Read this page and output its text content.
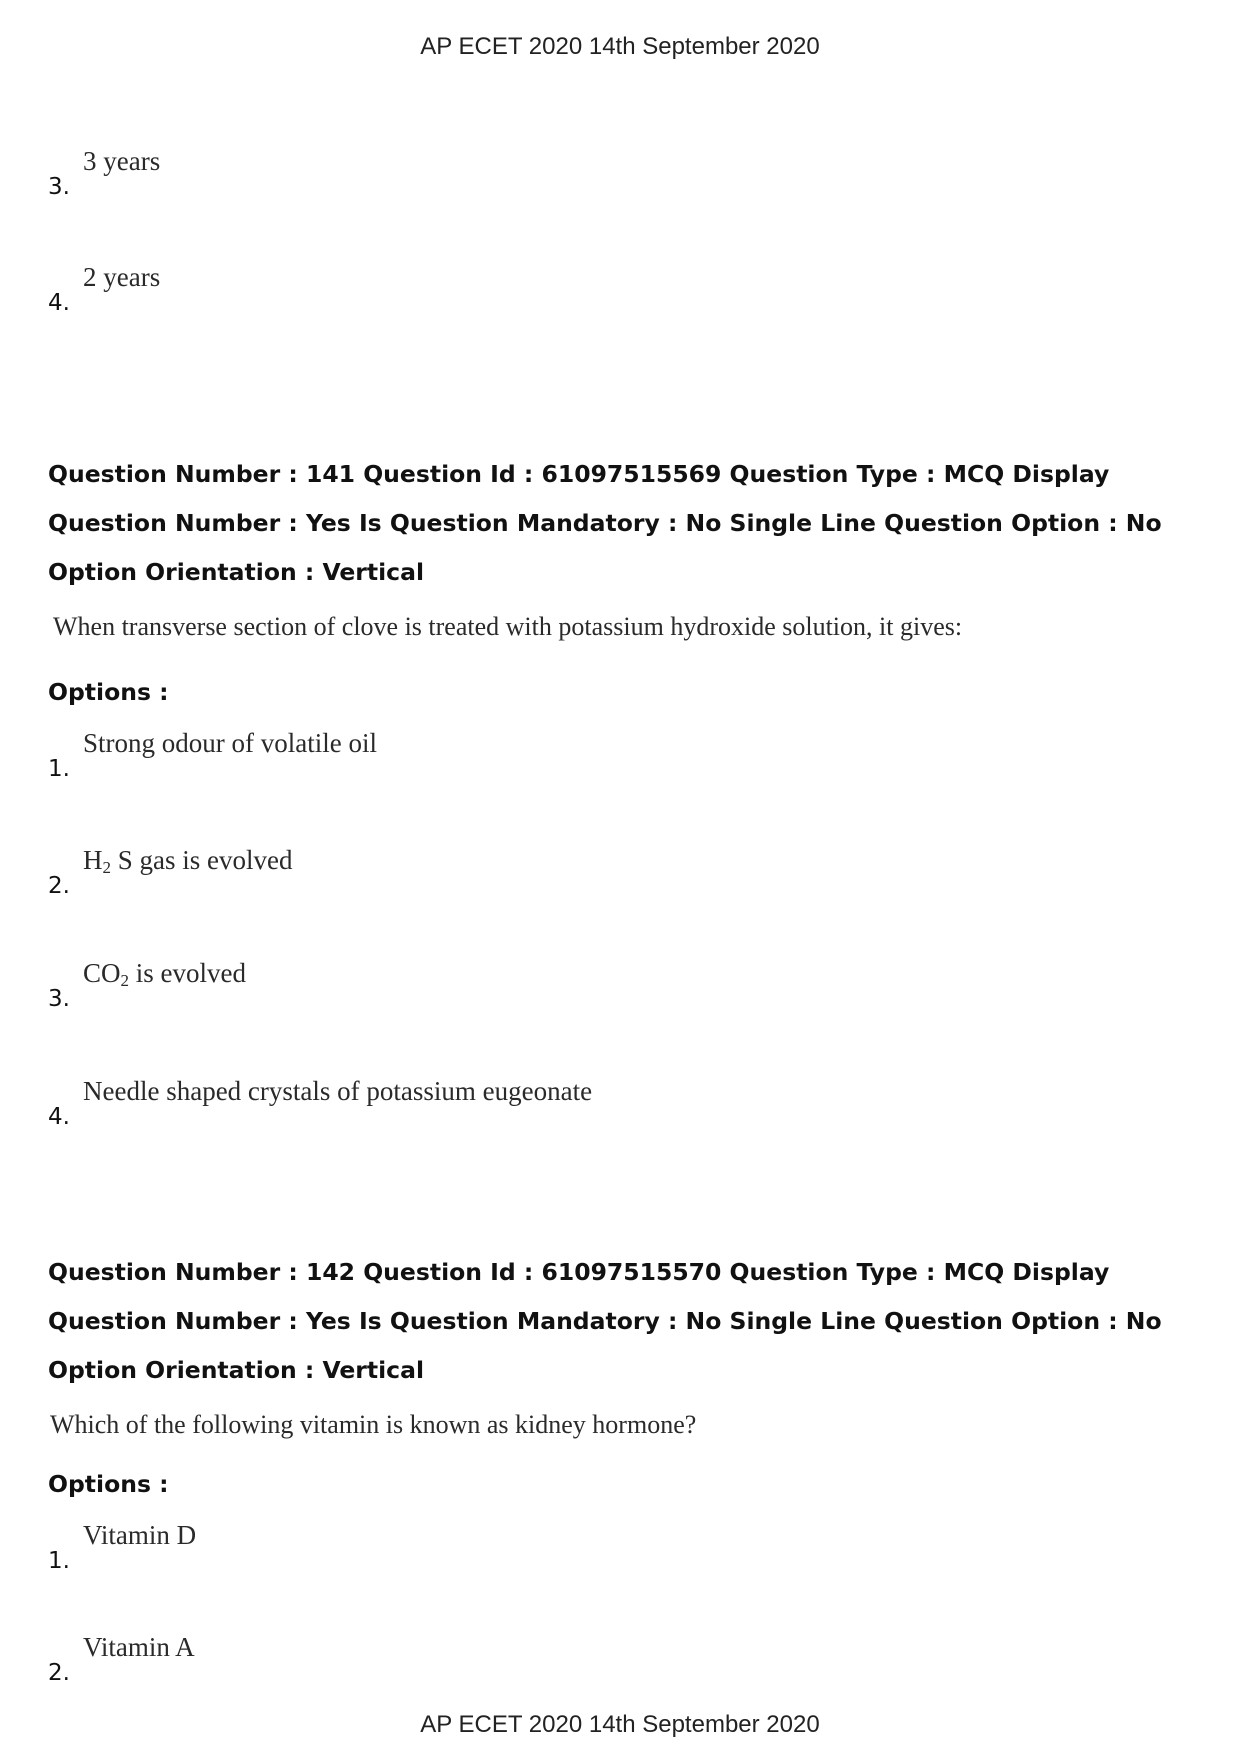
AP ECET 2020 14th September 2020
3.
3 years
4.
2 years
Question Number : 141 Question Id : 61097515569 Question Type : MCQ Display Question Number : Yes Is Question Mandatory : No Single Line Question Option : No Option Orientation : Vertical
When transverse section of clove is treated with potassium hydroxide solution, it gives:
Options :
1.
Strong odour of volatile oil
2.
$H_2$ S gas is evolved
3.
$CO_2$ is evolved
4.
Needle shaped crystals of potassium eugeonate
Question Number : 142 Question Id : 61097515570 Question Type : MCQ Display Question Number : Yes Is Question Mandatory : No Single Line Question Option : No Option Orientation : Vertical
Which of the following vitamin is known as kidney hormone?
Options :
1.
Vitamin D
2.
Vitamin A
AP ECET 2020 14th September 2020
